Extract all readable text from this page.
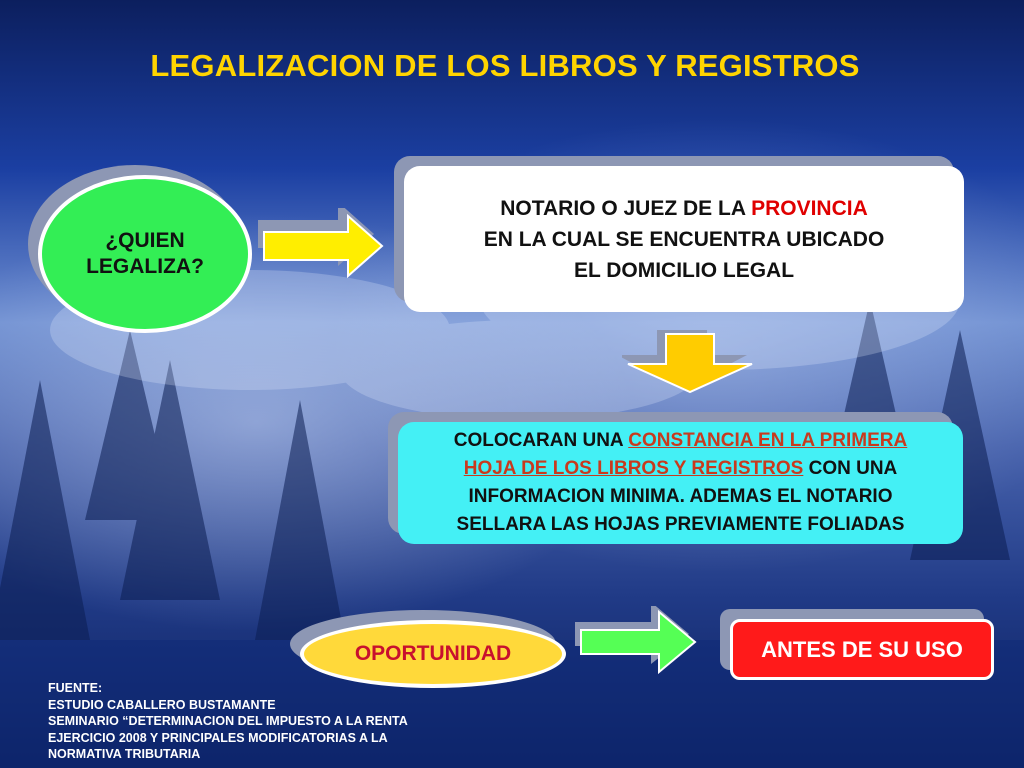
LEGALIZACION DE LOS LIBROS Y REGISTROS
¿QUIEN
LEGALIZA?
NOTARIO O JUEZ DE LA PROVINCIA
EN LA CUAL SE ENCUENTRA UBICADO
EL DOMICILIO LEGAL
COLOCARAN UNA CONSTANCIA EN LA PRIMERA
HOJA DE LOS LIBROS Y REGISTROS CON UNA
INFORMACION MINIMA. ADEMAS EL NOTARIO
SELLARA LAS HOJAS PREVIAMENTE FOLIADAS
OPORTUNIDAD	ANTES DE SU USO
FUENTE:
ESTUDIO CABALLERO BUSTAMANTE
SEMINARIO “DETERMINACION DEL IMPUESTO A LA RENTA
EJERCICIO 2008 Y PRINCIPALES MODIFICATORIAS A LA
NORMATIVA TRIBUTARIA
